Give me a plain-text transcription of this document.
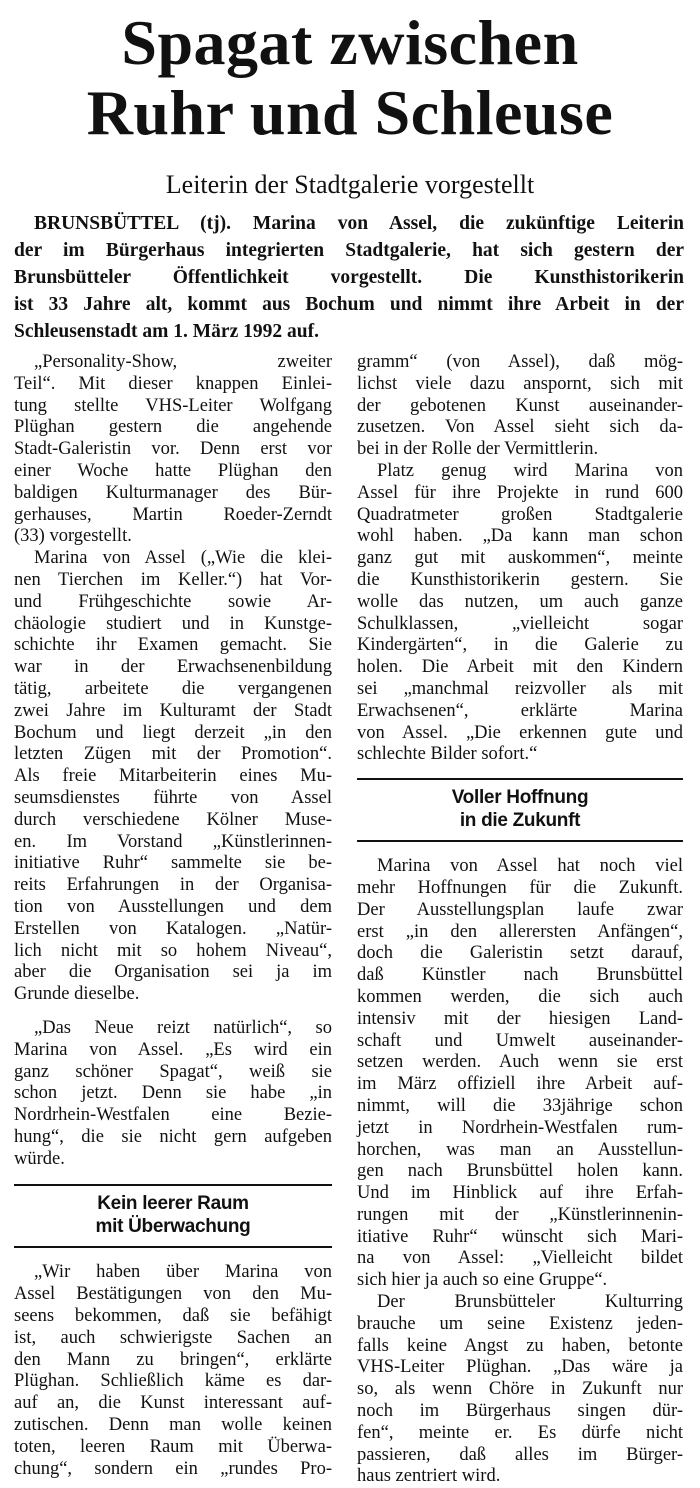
Spagat zwischen
Ruhr und Schleuse
Leiterin der Stadtgalerie vorgestellt
BRUNSBÜTTEL (tj). Marina von Assel, die zukünftige Leiterin
der im Bürgerhaus integrierten Stadtgalerie, hat sich gestern der
Brunsbütteler Öffentlichkeit vorgestellt. Die Kunsthistorikerin
ist 33 Jahre alt, kommt aus Bochum und nimmt ihre Arbeit in der
Schleusenstadt am 1. März 1992 auf.
„Personality-Show, zweiter
Teil“. Mit dieser knappen Einlei-
tung stellte VHS-Leiter Wolfgang
Plüghan gestern die angehende
Stadt-Galeristin vor. Denn erst vor
einer Woche hatte Plüghan den
baldigen Kulturmanager des Bür-
gerhauses, Martin Roeder-Zerndt
(33) vorgestellt.
Marina von Assel („Wie die klei-
nen Tierchen im Keller.“) hat Vor-
und Frühgeschichte sowie Ar-
chäologie studiert und in Kunstge-
schichte ihr Examen gemacht. Sie
war in der Erwachsenenbildung
tätig, arbeitete die vergangenen
zwei Jahre im Kulturamt der Stadt
Bochum und liegt derzeit „in den
letzten Zügen mit der Promotion“.
Als freie Mitarbeiterin eines Mu-
seumsdienstes führte von Assel
durch verschiedene Kölner Muse-
en. Im Vorstand „Künstlerinnen-
initiative Ruhr“ sammelte sie be-
reits Erfahrungen in der Organisa-
tion von Ausstellungen und dem
Erstellen von Katalogen. „Natür-
lich nicht mit so hohem Niveau“,
aber die Organisation sei ja im
Grunde dieselbe.
„Das Neue reizt natürlich“, so
Marina von Assel. „Es wird ein
ganz schöner Spagat“, weiß sie
schon jetzt. Denn sie habe „in
Nordrhein-Westfalen eine Bezie-
hung“, die sie nicht gern aufgeben
würde.
Kein leerer Raum
mit Überwachung
„Wir haben über Marina von
Assel Bestätigungen von den Mu-
seens bekommen, daß sie befähigt
ist, auch schwierigste Sachen an
den Mann zu bringen“, erklärte
Plüghan. Schließlich käme es dar-
auf an, die Kunst interessant auf-
zutischen. Denn man wolle keinen
toten, leeren Raum mit Überwa-
chung“, sondern ein „rundes Pro-
gramm“ (von Assel), daß mög-
lichst viele dazu anspornt, sich mit
der gebotenen Kunst auseinander-
zusetzen. Von Assel sieht sich da-
bei in der Rolle der Vermittlerin.
Platz genug wird Marina von
Assel für ihre Projekte in rund 600
Quadratmeter großen Stadtgalerie
wohl haben. „Da kann man schon
ganz gut mit auskommen“, meinte
die Kunsthistorikerin gestern. Sie
wolle das nutzen, um auch ganze
Schulklassen, „vielleicht sogar
Kindergärten“, in die Galerie zu
holen. Die Arbeit mit den Kindern
sei „manchmal reizvoller als mit
Erwachsenen“, erklärte Marina
von Assel. „Die erkennen gute und
schlechte Bilder sofort.“
Voller Hoffnung
in die Zukunft
Marina von Assel hat noch viel
mehr Hoffnungen für die Zukunft.
Der Ausstellungsplan laufe zwar
erst „in den allerersten Anfängen“,
doch die Galeristin setzt darauf,
daß Künstler nach Brunsbüttel
kommen werden, die sich auch
intensiv mit der hiesigen Land-
schaft und Umwelt auseinander-
setzen werden. Auch wenn sie erst
im März offiziell ihre Arbeit auf-
nimmt, will die 33jährige schon
jetzt in Nordrhein-Westfalen rum-
horchen, was man an Ausstellun-
gen nach Brunsbüttel holen kann.
Und im Hinblick auf ihre Erfah-
rungen mit der „Künstlerinnenin-
itiative Ruhr“ wünscht sich Mari-
na von Assel: „Vielleicht bildet
sich hier ja auch so eine Gruppe“.
Der Brunsbütteler Kulturring
brauche um seine Existenz jeden-
falls keine Angst zu haben, betonte
VHS-Leiter Plüghan. „Das wäre ja
so, als wenn Chöre in Zukunft nur
noch im Bürgerhaus singen dür-
fen“, meinte er. Es dürfe nicht
passieren, daß alles im Bürger-
haus zentriert wird.
